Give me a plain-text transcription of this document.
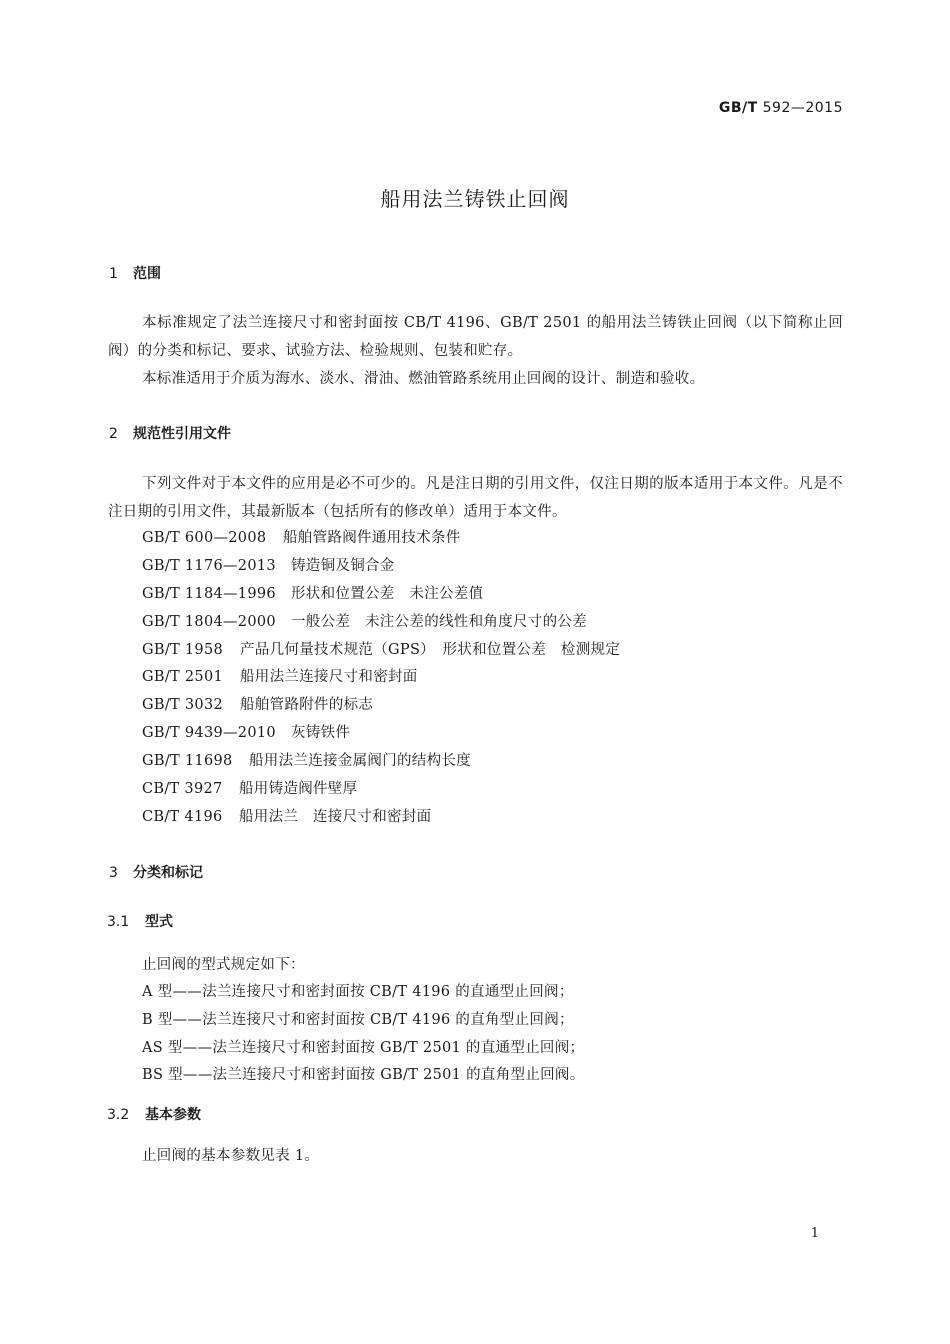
GB/T 592—2015
船用法兰铸铁止回阀
1 范围
本标准规定了法兰连接尺寸和密封面按 CB/T 4196、GB/T 2501 的船用法兰铸铁止回阀（以下简称止回阀）的分类和标记、要求、试验方法、检验规则、包装和贮存。
本标准适用于介质为海水、淡水、滑油、燃油管路系统用止回阀的设计、制造和验收。
2 规范性引用文件
下列文件对于本文件的应用是必不可少的。凡是注日期的引用文件，仅注日期的版本适用于本文件。凡是不注日期的引用文件，其最新版本（包括所有的修改单）适用于本文件。
GB/T 600—2008 船舶管路阀件通用技术条件
GB/T 1176—2013 铸造铜及铜合金
GB/T 1184—1996 形状和位置公差　未注公差值
GB/T 1804—2000 一般公差　未注公差的线性和角度尺寸的公差
GB/T 1958 产品几何量技术规范（GPS）　形状和位置公差　检测规定
GB/T 2501 船用法兰连接尺寸和密封面
GB/T 3032 船舶管路附件的标志
GB/T 9439—2010 灰铸铁件
GB/T 11698 船用法兰连接金属阀门的结构长度
CB/T 3927 船用铸造阀件壁厚
CB/T 4196 船用法兰　连接尺寸和密封面
3 分类和标记
3.1 型式
止回阀的型式规定如下：
A 型——法兰连接尺寸和密封面按 CB/T 4196 的直通型止回阀；
B 型——法兰连接尺寸和密封面按 CB/T 4196 的直角型止回阀；
AS 型——法兰连接尺寸和密封面按 GB/T 2501 的直通型止回阀；
BS 型——法兰连接尺寸和密封面按 GB/T 2501 的直角型止回阀。
3.2 基本参数
止回阀的基本参数见表 1。
1
